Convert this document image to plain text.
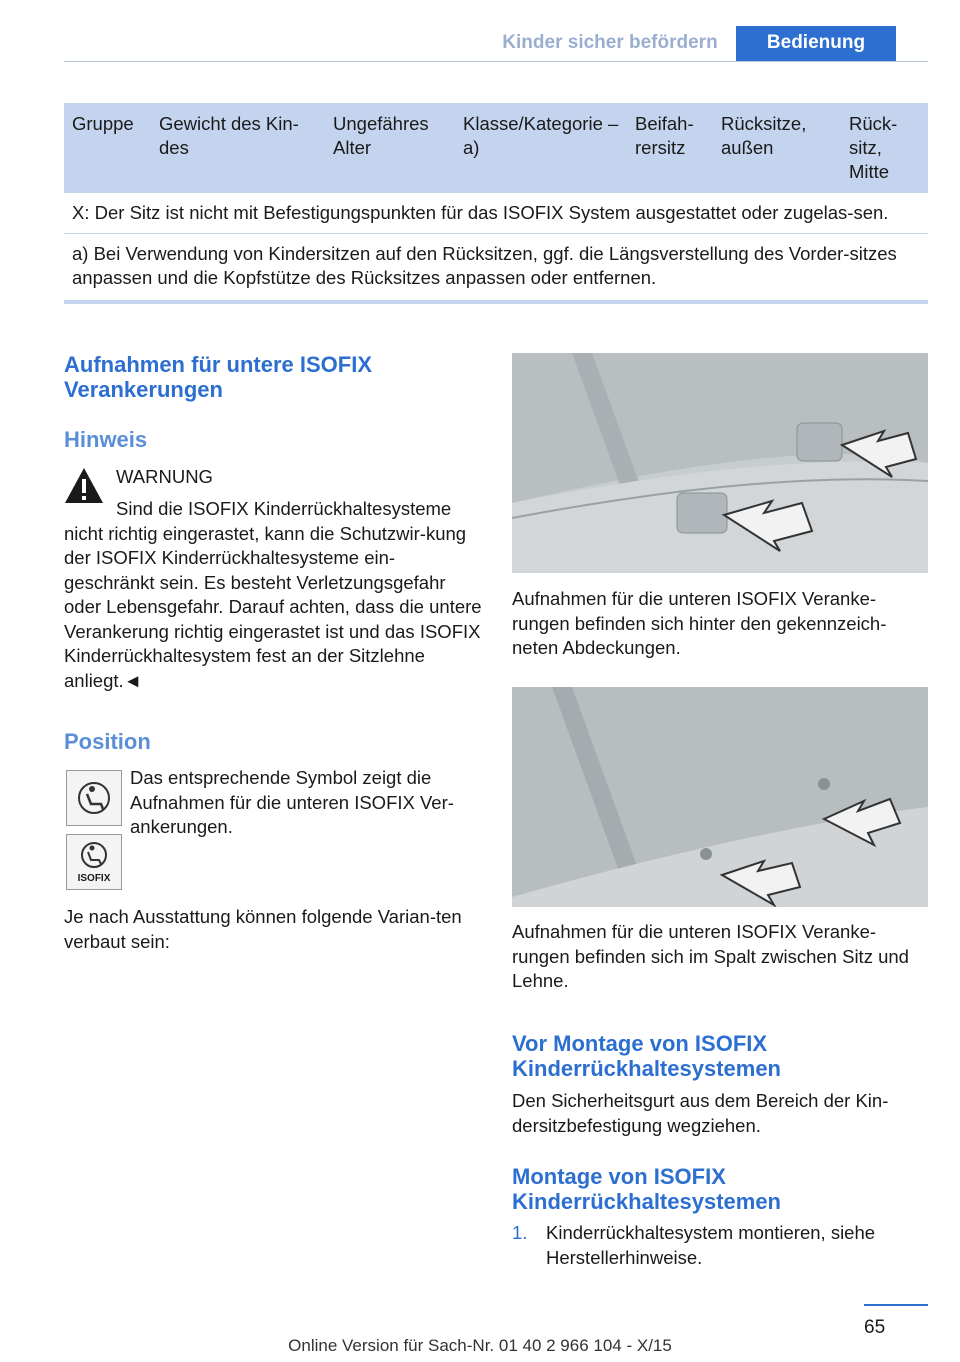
Kinder sicher befördern	Bedienung
Gruppe	Gewicht des Kin-des	Ungefähres Alter	Klasse/Kategorie – a)	Beifah-rersitz	Rücksitze, außen	Rück-sitz, Mitte
X: Der Sitz ist nicht mit Befestigungspunkten für das ISOFIX System ausgestattet oder zugelas-sen.
a) Bei Verwendung von Kindersitzen auf den Rücksitzen, ggf. die Längsverstellung des Vorder-sitzes anpassen und die Kopfstütze des Rücksitzes anpassen oder entfernen.
Aufnahmen für untere ISOFIX Verankerungen
Hinweis
WARNUNG
Sind die ISOFIX Kinderrückhaltesysteme nicht richtig eingerastet, kann die Schutzwir-kung der ISOFIX Kinderrückhaltesysteme ein-geschränkt sein. Es besteht Verletzungsgefahr oder Lebensgefahr. Darauf achten, dass die untere Verankerung richtig eingerastet ist und das ISOFIX Kinderrückhaltesystem fest an der Sitzlehne anliegt.◄
Position
ISOFIX
Das entsprechende Symbol zeigt die Aufnahmen für die unteren ISOFIX Ver-ankerungen.
Je nach Ausstattung können folgende Varian-ten verbaut sein:
Aufnahmen für die unteren ISOFIX Veranke-rungen befinden sich hinter den gekennzeich-neten Abdeckungen.
Aufnahmen für die unteren ISOFIX Veranke-rungen befinden sich im Spalt zwischen Sitz und Lehne.
Vor Montage von ISOFIX Kinderrückhaltesystemen
Den Sicherheitsgurt aus dem Bereich der Kin-dersitzbefestigung wegziehen.
Montage von ISOFIX Kinderrückhaltesystemen
1. Kinderrückhaltesystem montieren, siehe Herstellerhinweise.
65
Online Version für Sach-Nr. 01 40 2 966 104 - X/15
